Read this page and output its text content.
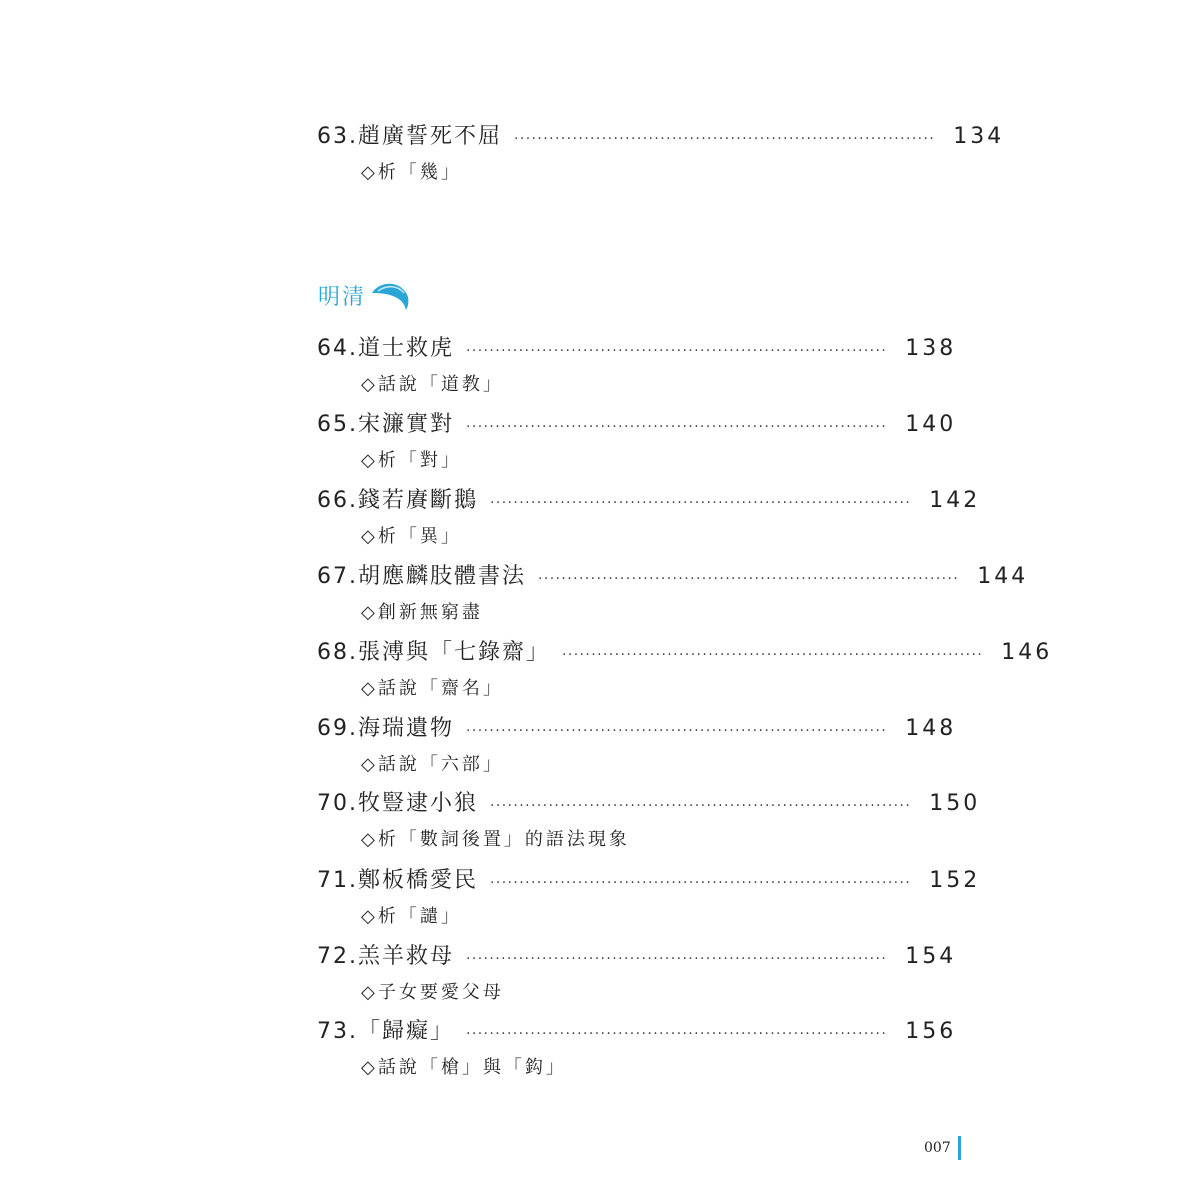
63.趙廣誓死不屈 ········································································ 134
◇析「幾」
明清
64.道士救虎 ········································································ 138
◇話說「道教」
65.宋濂實對 ········································································ 140
◇析「對」
66.錢若賡斷鵝 ········································································ 142
◇析「異」
67.胡應麟肢體書法 ········································································ 144
◇創新無窮盡
68.張溥與「七錄齋」 ········································································ 146
◇話說「齋名」
69.海瑞遺物 ········································································ 148
◇話說「六部」
70.牧豎逮小狼 ········································································ 150
◇析「數詞後置」的語法現象
71.鄭板橋愛民 ········································································ 152
◇析「譴」
72.羔羊救母 ········································································ 154
◇子女要愛父母
73.「歸癡」 ········································································ 156
◇話說「槍」與「鈎」
007
